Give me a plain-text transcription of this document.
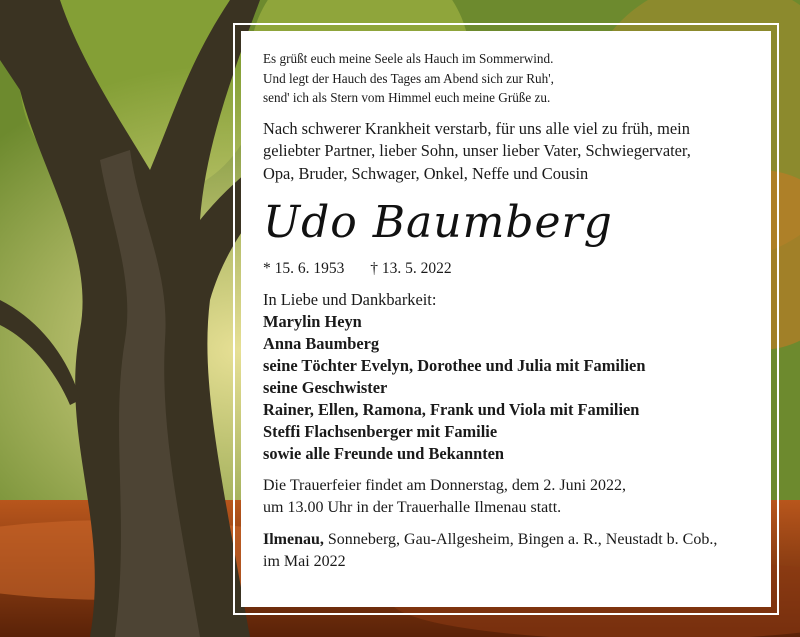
Es grüßt euch meine Seele als Hauch im Sommerwind.
Und legt der Hauch des Tages am Abend sich zur Ruh',
send' ich als Stern vom Himmel euch meine Grüße zu.
Nach schwerer Krankheit verstarb, für uns alle viel zu früh, mein
geliebter Partner, lieber Sohn, unser lieber Vater, Schwiegervater,
Opa, Bruder, Schwager, Onkel, Neffe und Cousin
Udo Baumberg
* 15. 6. 1953 † 13. 5. 2022
In Liebe und Dankbarkeit:
Marylin Heyn
Anna Baumberg
seine Töchter Evelyn, Dorothee und Julia mit Familien
seine Geschwister
Rainer, Ellen, Ramona, Frank und Viola mit Familien
Steffi Flachsenberger mit Familie
sowie alle Freunde und Bekannten
Die Trauerfeier findet am Donnerstag, dem 2. Juni 2022,
um 13.00 Uhr in der Trauerhalle Ilmenau statt.
Ilmenau, Sonneberg, Gau-Allgesheim, Bingen a. R., Neustadt b. Cob.,
im Mai 2022
